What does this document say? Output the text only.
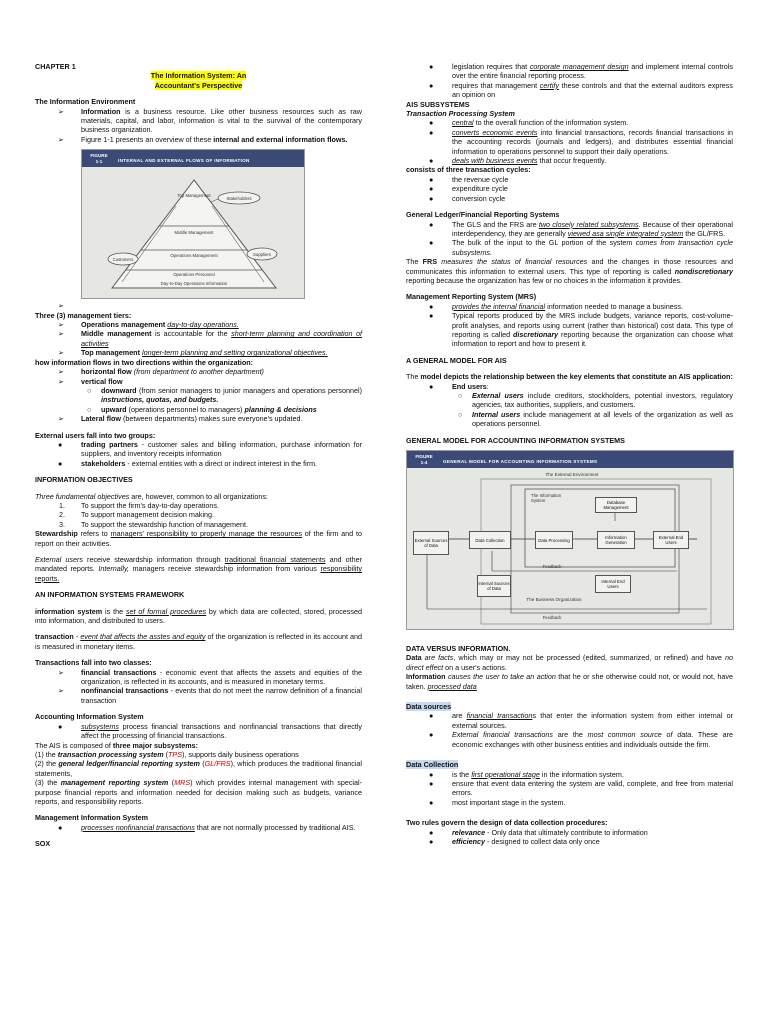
CHAPTER 1

The Information System: An
Accountant's Perspective

The Information Environment

➢ Information is a business resource. Like other business resources such as raw materials, capital, and labor, information is vital to the survival of the contemporary business organization.
➢ Figure 1-1 presents an overview of these internal and external information flows.
FIGURE
1-1	INTERNAL AND EXTERNAL FLOWS OF INFORMATION
Top Management
Middle Management
Operations Management
Operations Personnel
Day-to-Day Operations Information
Stakeholders
Customers
Suppliers
➢

Three (3) management tiers:

➢ Operations management day-to-day operations.
➢ Middle management is accountable for the short-term planning and coordination of activities
➢ Top management longer-term planning and setting organizational objectives.

how information flows in two directions within the organization:

➢ horizontal flow (from department to another department)
➢ vertical flow
○ downward (from senior managers to junior managers and operations personnel) instructions, quotas, and budgets.
○ upward (operations personnel to managers) planning & decisions
➢ Lateral flow (between departments) makes sure everyone's updated.

External users fall into two groups:

●	trading partners - customer sales and billing information, purchase information for suppliers, and inventory receipts information
●	stakeholders - external entities with a direct or indirect interest in the firm.

INFORMATION OBJECTIVES

Three fundamental objectives are, however, common to all organizations:

1. To support the firm's day-to-day operations.
2. To support management decision making.
3. To support the stewardship function of management.

Stewardship refers to managers' responsibility to properly manage the resources of the firm and to report on their activities.

External users receive stewardship information through traditional financial statements and other mandated reports. Internally, managers receive stewardship information from various responsibility reports.

AN INFORMATION SYSTEMS FRAMEWORK

information system is the set of formal procedures by which data are collected, stored, processed into information, and distributed to users.

transaction - event that affects the asstes and equity of the organization is reflected in its account and is measured in monetary items.

Transactions fall into two classes:

➢ financial transactions - economic event that affects the assets and equities of the organization, is reflected in its accounts, and is measured in monetary terms.
➢ nonfinancial transactions - events that do not meet the narrow definition of a financial transaction

Accounting Information System

●	subsystems process financial transactions and nonfinancial transactions that directly affect the processing of financial transactions.

The AIS is composed of three major subsystems:

(1) the transaction processing system (TPS), supports daily business operations

(2) the general ledger/financial reporting system (GL/FRS), which produces the traditional financial statements,

(3) the management reporting system (MRS) which provides internal management with special-purpose financial reports and information needed for decision making such as budgets, variance reports, and responsibility reports.

Management Information System

●	processes nonfinancial transactions that are not normally processed by traditional AIS.

SOX

●	legislation requires that corporate management design and implement internal controls over the entire financial reporting process.
●	requires that management certify these controls and that the external auditors express an opinion on

AIS SUBSYSTEMS

Transaction Processing System

●	central to the overall function of the information system.
●	converts economic events into financial transactions, records financial transactions in the accounting records (journals and ledgers), and distributes essential financial information to operations personnel to support their daily operations.
●	deals with business events that occur frequently.

consists of three transaction cycles:

●	the revenue cycle
●	expenditure cycle
●	conversion cycle

General Ledger/Financial Reporting Systems

●	The GLS and the FRS are two closely related subsystems. Because of their operational interdependency, they are generally viewed asa single integrated system the GL/FRS.
●	The bulk of the input to the GL portion of the system comes from transaction cycle subsystems.

The FRS measures the status of financial resources and the changes in those resources and communicates this information to external users. This type of reporting is called nondiscretionary reporting because the organization has few or no choices in the information it provides.

Management Reporting System (MRS)

●	provides the internal financial information needed to manage a business.
●	Typical reports produced by the MRS include budgets, variance reports, cost-volume-profit analyses, and reports using current (rather than historical) cost data. This type of reporting is called discretionary reporting because the organization can choose what information to report and how to present it.

A GENERAL MODEL FOR AIS

The model depicts the relationship between the key elements that constitute an AIS application:

●	End users:
○ External users include creditors, stockholders, potential investors, regulatory agencies, tax authorities, suppliers, and customers.
○ Internal users include management at all levels of the organization as well as operations personnel.

GENERAL MODEL FOR ACCOUNTING INFORMATION SYSTEMS

FIGURE
1-4	GENERAL MODEL FOR ACCOUNTING INFORMATION SYSTEMS
The External Environment
The Information System	Database Management
External Sources of Data
Data Collection	Data Processing	Information Generation
External End Users
Feedback
Internal Sources of Data
Internal End Users
The Business Organization
Feedback

DATA VERSUS INFORMATION.

Data are facts, which may or may not be processed (edited, summarized, or refined) and have no direct effect on a user's actions.

Information causes the user to take an action that he or she otherwise could not, or would not, have taken. processed data

Data sources

●	are financial transactions that enter the information system from either internal or external sources.
●	External financial transactions are the most common source of data. These are economic exchanges with other business entities and individuals outside the firm.

Data Collection

●	is the first operational stage in the information system.
●	ensure that event data entering the system are valid, complete, and free from material errors.
●	most important stage in the system.

Two rules govern the design of data collection procedures:

●	relevance - Only data that ultimately contribute to information
●	efficiency - designed to collect data only once
